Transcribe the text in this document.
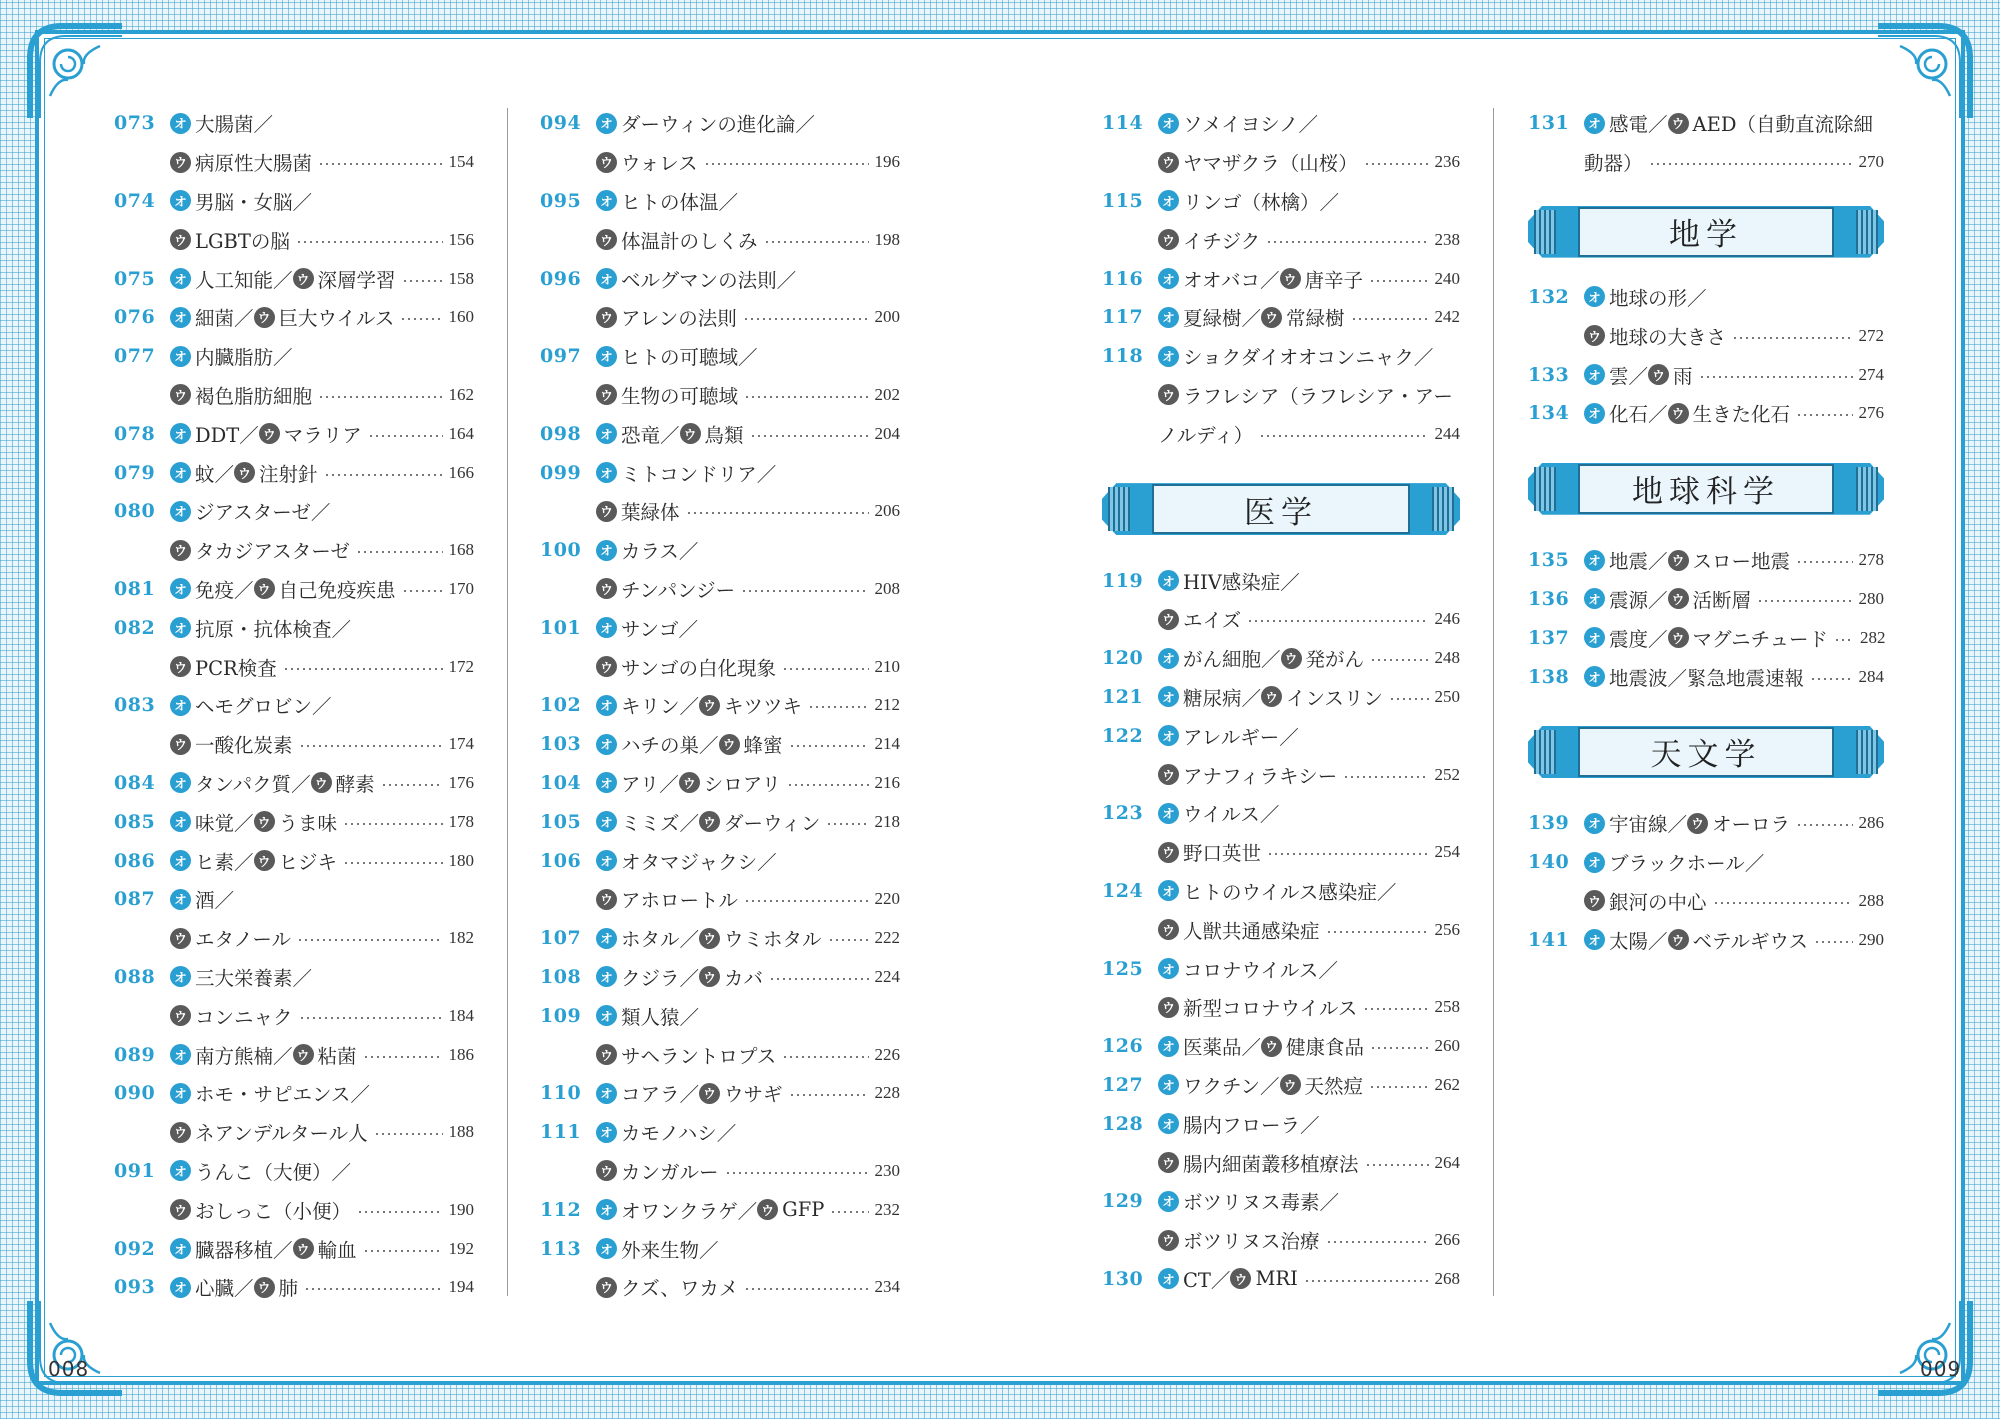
008	009
073	オ 大腸菌／
ウ 病原性大腸菌	154
074	オ 男脳・女脳／
ウ LGBTの脳	156
075	オ 人工知能／ ウ 深層学習	158
076	オ 細菌／ ウ 巨大ウイルス	160
077	オ 内臓脂肪／
ウ 褐色脂肪細胞	162
078	オ DDT／ ウ マラリア	164
079	オ 蚊／ ウ 注射針	166
080	オ ジアスターゼ／
ウ タカジアスターゼ	168
081	オ 免疫／ ウ 自己免疫疾患	170
082	オ 抗原・抗体検査／
ウ PCR検査	172
083	オ ヘモグロビン／
ウ 一酸化炭素	174
084	オ タンパク質／ ウ 酵素	176
085	オ 味覚／ ウ うま味	178
086	オ ヒ素／ ウ ヒジキ	180
087	オ 酒／
ウ エタノール	182
088	オ 三大栄養素／
ウ コンニャク	184
089	オ 南方熊楠／ ウ 粘菌	186
090	オ ホモ・サピエンス／
ウ ネアンデルタール人	188
091	オ うんこ（大便）／
ウ おしっこ（小便）	190
092	オ 臓器移植／ ウ 輸血	192
093	オ 心臓／ ウ 肺	194
094	オ ダーウィンの進化論／
ウ ウォレス	196
095	オ ヒトの体温／
ウ 体温計のしくみ	198
096	オ ベルグマンの法則／
ウ アレンの法則	200
097	オ ヒトの可聴域／
ウ 生物の可聴域	202
098	オ 恐竜／ ウ 鳥類	204
099	オ ミトコンドリア／
ウ 葉緑体	206
100	オ カラス／
ウ チンパンジー	208
101	オ サンゴ／
ウ サンゴの白化現象	210
102	オ キリン／ ウ キツツキ	212
103	オ ハチの巣／ ウ 蜂蜜	214
104	オ アリ／ ウ シロアリ	216
105	オ ミミズ／ ウ ダーウィン	218
106	オ オタマジャクシ／
ウ アホロートル	220
107	オ ホタル／ ウ ウミホタル	222
108	オ クジラ／ ウ カバ	224
109	オ 類人猿／
ウ サヘラントロプス	226
110	オ コアラ／ ウ ウサギ	228
111	オ カモノハシ／
ウ カンガルー	230
112	オ オワンクラゲ／ ウ GFP	232
113	オ 外来生物／
ウ クズ、ワカメ	234
114	オ ソメイヨシノ／
ウ ヤマザクラ（山桜）	236
115	オ リンゴ（林檎）／
ウ イチジク	238
116	オ オオバコ／ ウ 唐辛子	240
117	オ 夏緑樹／ ウ 常緑樹	242
118	オ ショクダイオオコンニャク／
ウ ラフレシア（ラフレシア・アー
ノルディ）	244
医学
119	オ HIV感染症／
ウ エイズ	246
120	オ がん細胞／ ウ 発がん	248
121	オ 糖尿病／ ウ インスリン	250
122	オ アレルギー／
ウ アナフィラキシー	252
123	オ ウイルス／
ウ 野口英世	254
124	オ ヒトのウイルス感染症／
ウ 人獣共通感染症	256
125	オ コロナウイルス／
ウ 新型コロナウイルス	258
126	オ 医薬品／ ウ 健康食品	260
127	オ ワクチン／ ウ 天然痘	262
128	オ 腸内フローラ／
ウ 腸内細菌叢移植療法	264
129	オ ボツリヌス毒素／
ウ ボツリヌス治療	266
130	オ CT／ ウ MRI	268
131	オ 感電／ ウ AED（自動直流除細
動器）	270
地学
132	オ 地球の形／
ウ 地球の大きさ	272
133	オ 雲／ ウ 雨	274
134	オ 化石／ ウ 生きた化石	276
地球科学
135	オ 地震／ ウ スロー地震	278
136	オ 震源／ ウ 活断層	280
137	オ 震度／ ウ マグニチュード 282
138	オ 地震波／緊急地震速報	284
天文学
139	オ 宇宙線／ ウ オーロラ	286
140	オ ブラックホール／
ウ 銀河の中心	288
141	オ 太陽／ ウ ベテルギウス	290
